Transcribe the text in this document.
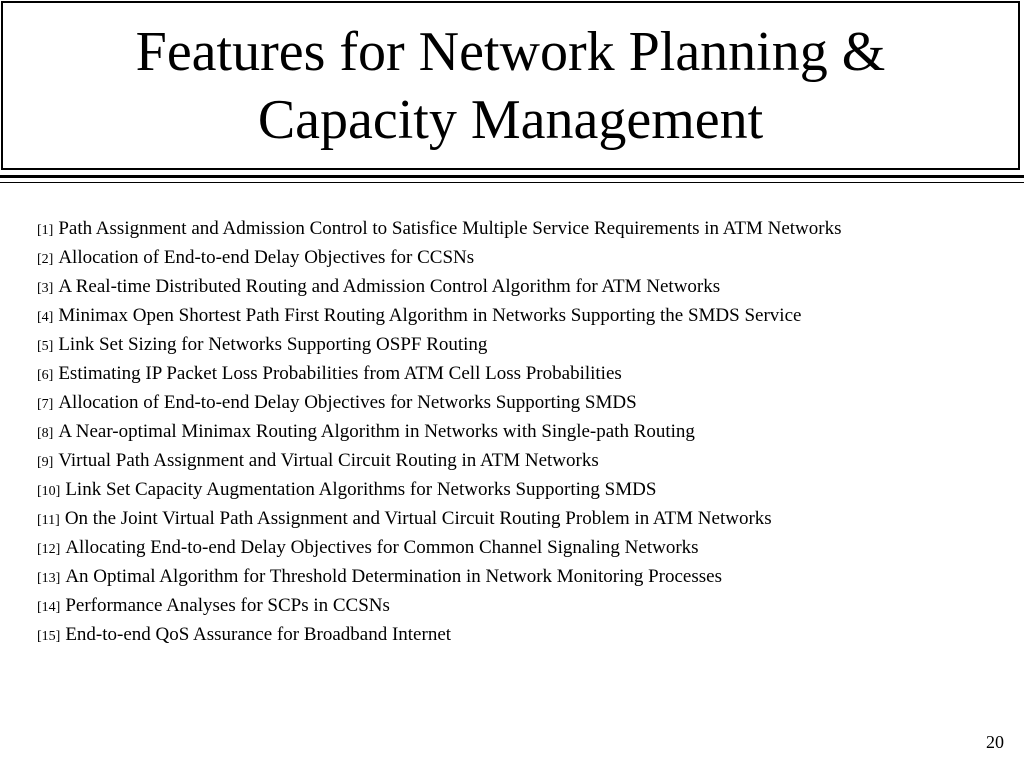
Features for Network Planning &
Capacity Management
[1] Path Assignment and Admission Control to Satisfice Multiple Service Requirements in ATM Networks
[2] Allocation of End-to-end Delay Objectives for CCSNs
[3] A Real-time Distributed Routing and Admission Control Algorithm for ATM Networks
[4] Minimax Open Shortest Path First Routing Algorithm in Networks Supporting the SMDS Service
[5] Link Set Sizing for Networks Supporting OSPF Routing
[6] Estimating IP Packet Loss Probabilities from ATM Cell Loss Probabilities
[7] Allocation of End-to-end Delay Objectives for Networks Supporting SMDS
[8] A Near-optimal Minimax Routing Algorithm in Networks with Single-path Routing
[9] Virtual Path Assignment and Virtual Circuit Routing in ATM Networks
[10] Link Set Capacity Augmentation Algorithms for Networks Supporting SMDS
[11] On the Joint Virtual Path Assignment and Virtual Circuit Routing Problem in ATM Networks
[12] Allocating End-to-end Delay Objectives for Common Channel Signaling Networks
[13] An Optimal Algorithm for Threshold Determination in Network Monitoring Processes
[14] Performance Analyses for SCPs in CCSNs
[15] End-to-end QoS Assurance for Broadband Internet
20
